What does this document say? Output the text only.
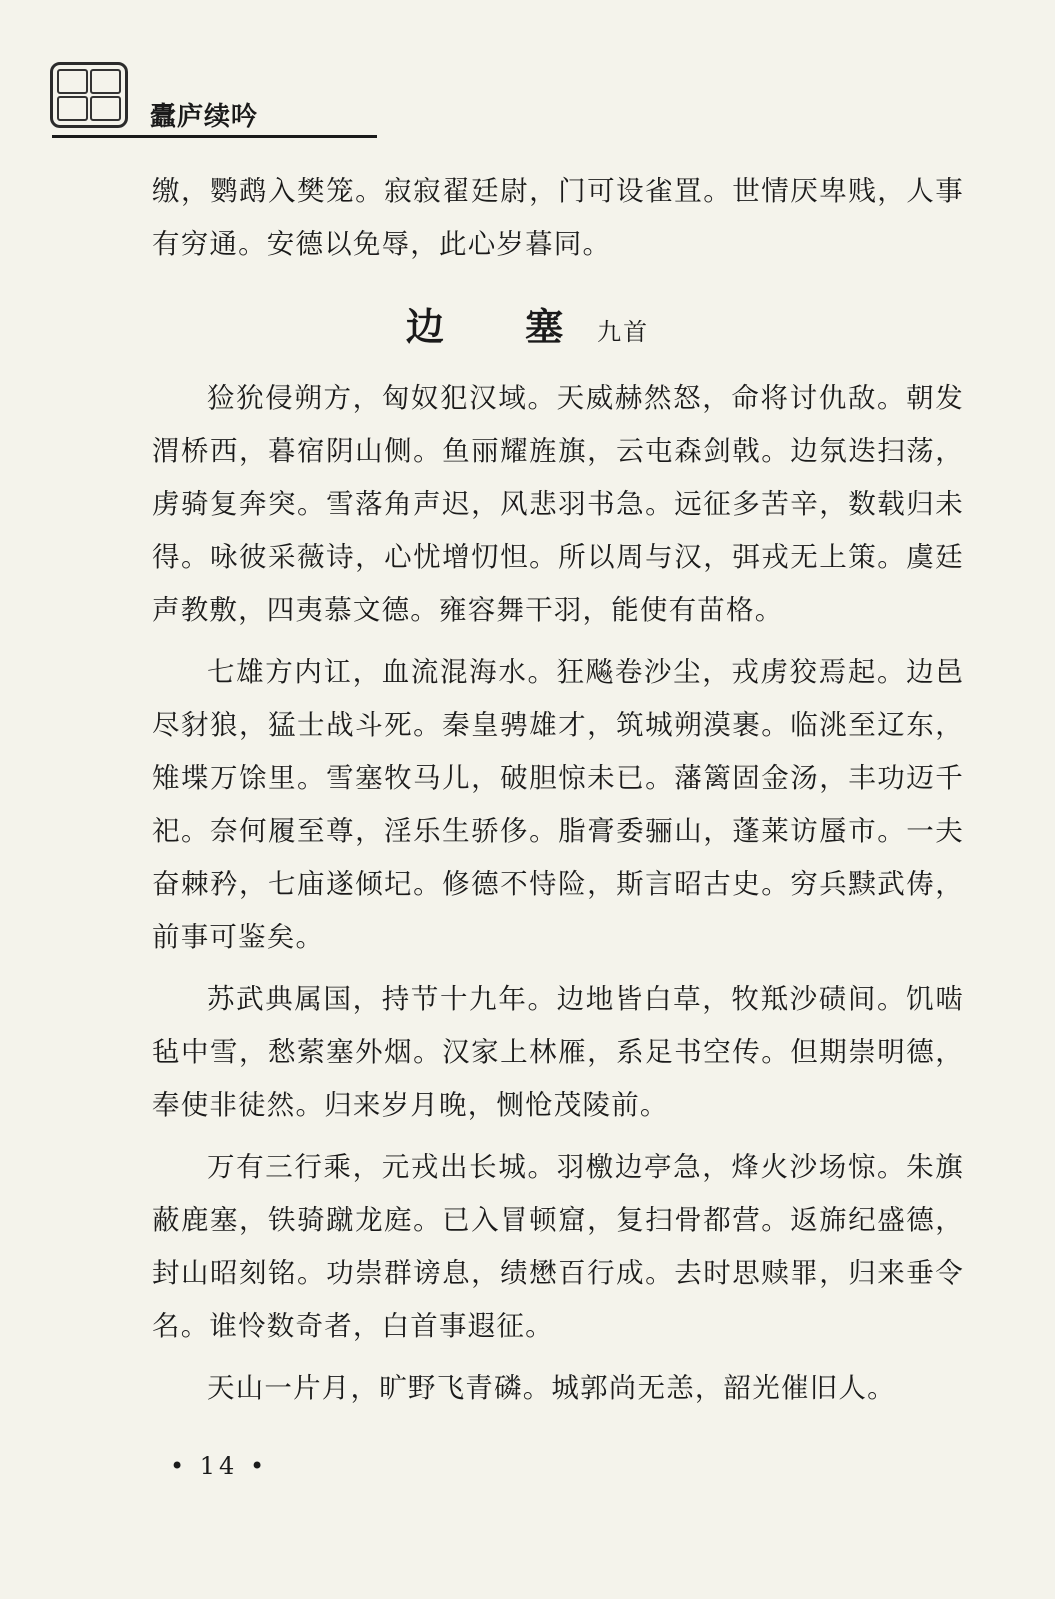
蠹庐续吟

缴，鹦鹉入樊笼。寂寂翟廷尉，门可设雀罝。世情厌卑贱，人事有穷通。安德以免辱，此心岁暮同。

边 塞九首

猃狁侵朔方，匈奴犯汉域。天威赫然怒，命将讨仇敌。朝发渭桥西，暮宿阴山侧。鱼丽耀旌旗，云屯森剑戟。边氛迭扫荡，虏骑复奔突。雪落角声迟，风悲羽书急。远征多苦辛，数载归未得。咏彼采薇诗，心忧增忉怛。所以周与汉，弭戎无上策。虞廷声教敷，四夷慕文德。雍容舞干羽，能使有苗格。

七雄方内讧，血流混海水。狂飚卷沙尘，戎虏狡焉起。边邑尽豺狼，猛士战斗死。秦皇骋雄才，筑城朔漠裹。临洮至辽东，雉堞万馀里。雪塞牧马儿，破胆惊未已。藩篱固金汤，丰功迈千祀。奈何履至尊，淫乐生骄侈。脂膏委骊山，蓬莱访蜃市。一夫奋棘矜，七庙遂倾圮。修德不恃险，斯言昭古史。穷兵黩武俦，前事可鉴矣。

苏武典属国，持节十九年。边地皆白草，牧羝沙碛间。饥啮毡中雪，愁萦塞外烟。汉家上林雁，系足书空传。但期崇明德，奉使非徒然。归来岁月晚，恻怆茂陵前。

万有三行乘，元戎出长城。羽檄边亭急，烽火沙场惊。朱旗蔽鹿塞，铁骑蹴龙庭。已入冒顿窟，复扫骨都营。返旆纪盛德，封山昭刻铭。功崇群谤息，绩懋百行成。去时思赎罪，归来垂令名。谁怜数奇者，白首事遐征。

天山一片月，旷野飞青磷。城郭尚无恙，韶光催旧人。

• 14 •
